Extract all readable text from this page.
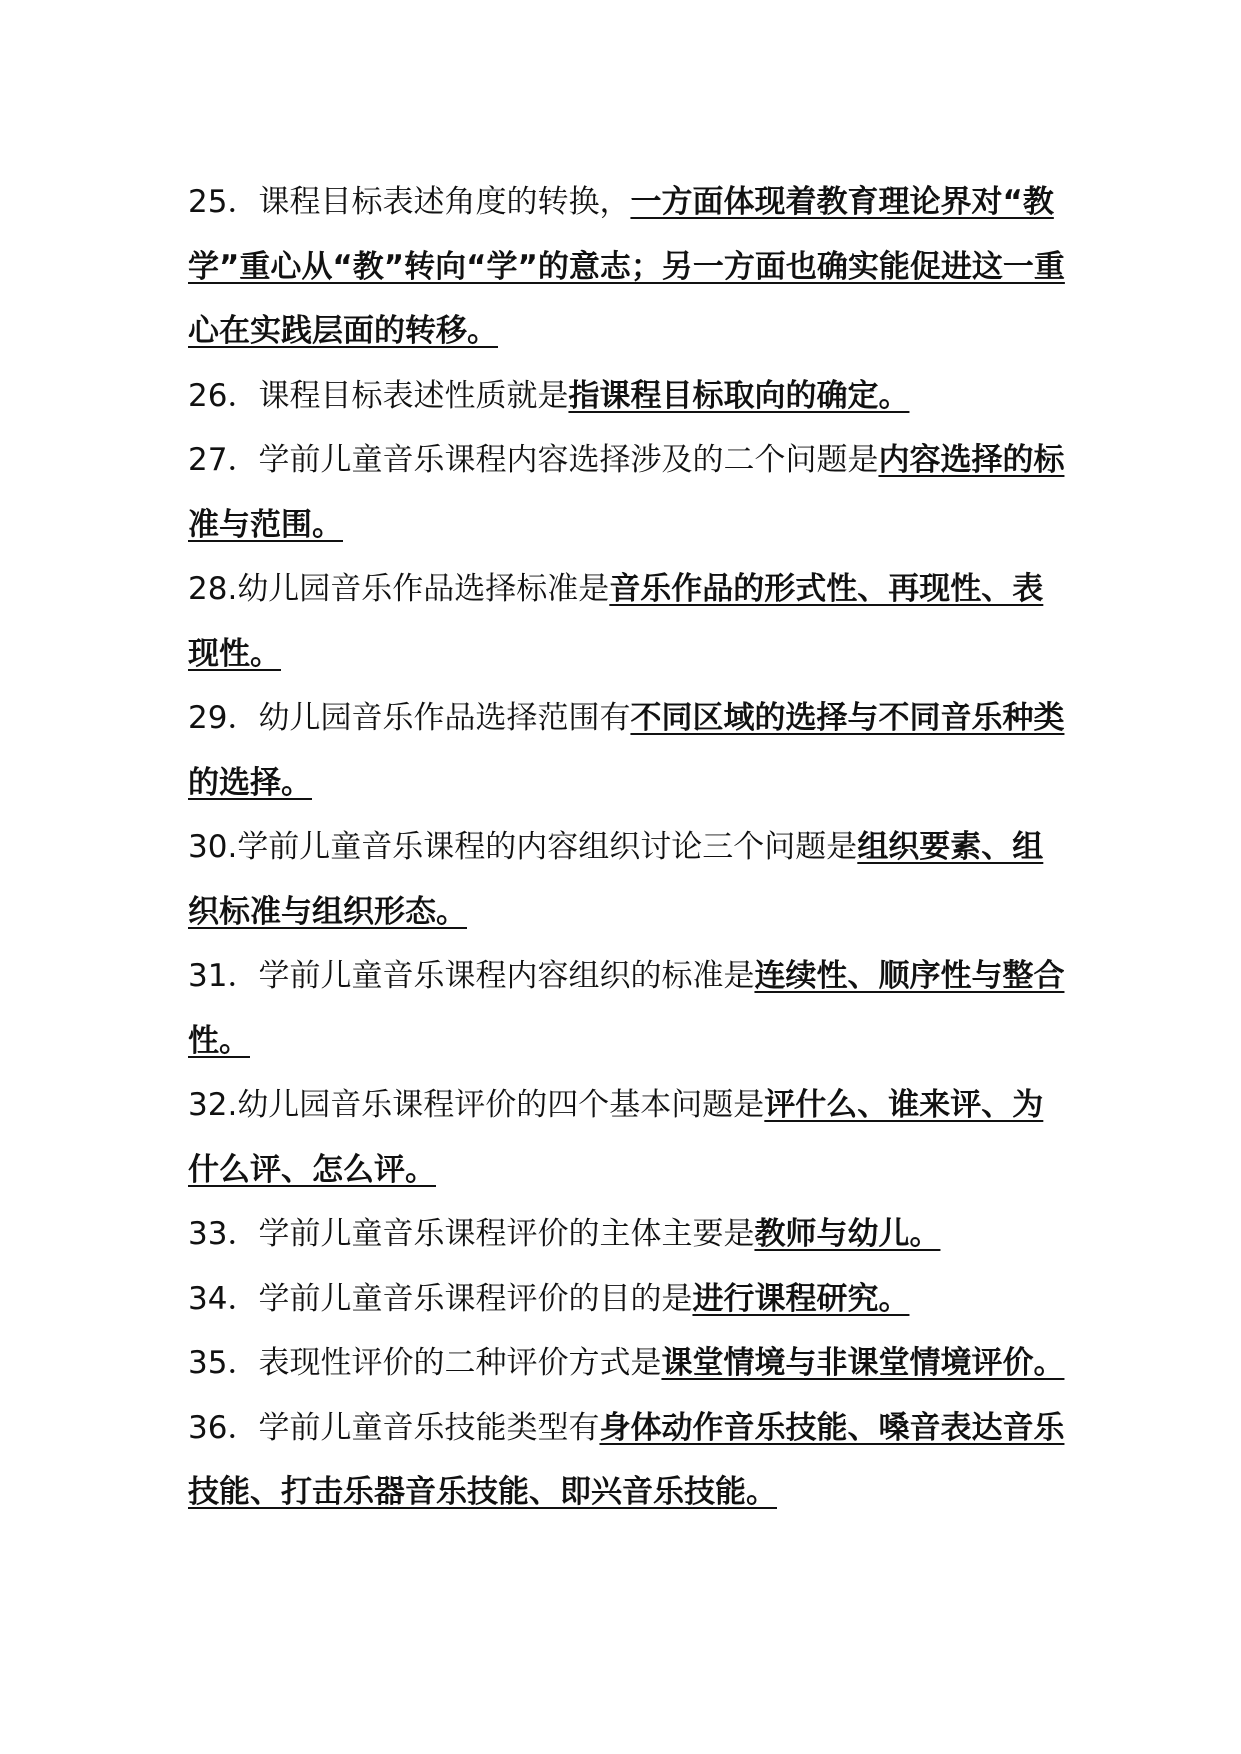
25．课程目标表述角度的转换，一方面体现着教育理论界对“教学”重心从“教”转向“学”的意志；另一方面也确实能促进这一重心在实践层面的转移。

26．课程目标表述性质就是指课程目标取向的确定。

27．学前儿童音乐课程内容选择涉及的二个问题是内容选择的标准与范围。

28.幼儿园音乐作品选择标准是音乐作品的形式性、再现性、表现性。

29．幼儿园音乐作品选择范围有不同区域的选择与不同音乐种类的选择。

30.学前儿童音乐课程的内容组织讨论三个问题是组织要素、组织标准与组织形态。

31．学前儿童音乐课程内容组织的标准是连续性、顺序性与整合性。

32.幼儿园音乐课程评价的四个基本问题是评什么、谁来评、为什么评、怎么评。

33．学前儿童音乐课程评价的主体主要是教师与幼儿。

34．学前儿童音乐课程评价的目的是进行课程研究。

35．表现性评价的二种评价方式是课堂情境与非课堂情境评价。

36．学前儿童音乐技能类型有身体动作音乐技能、嗓音表达音乐技能、打击乐器音乐技能、即兴音乐技能。
